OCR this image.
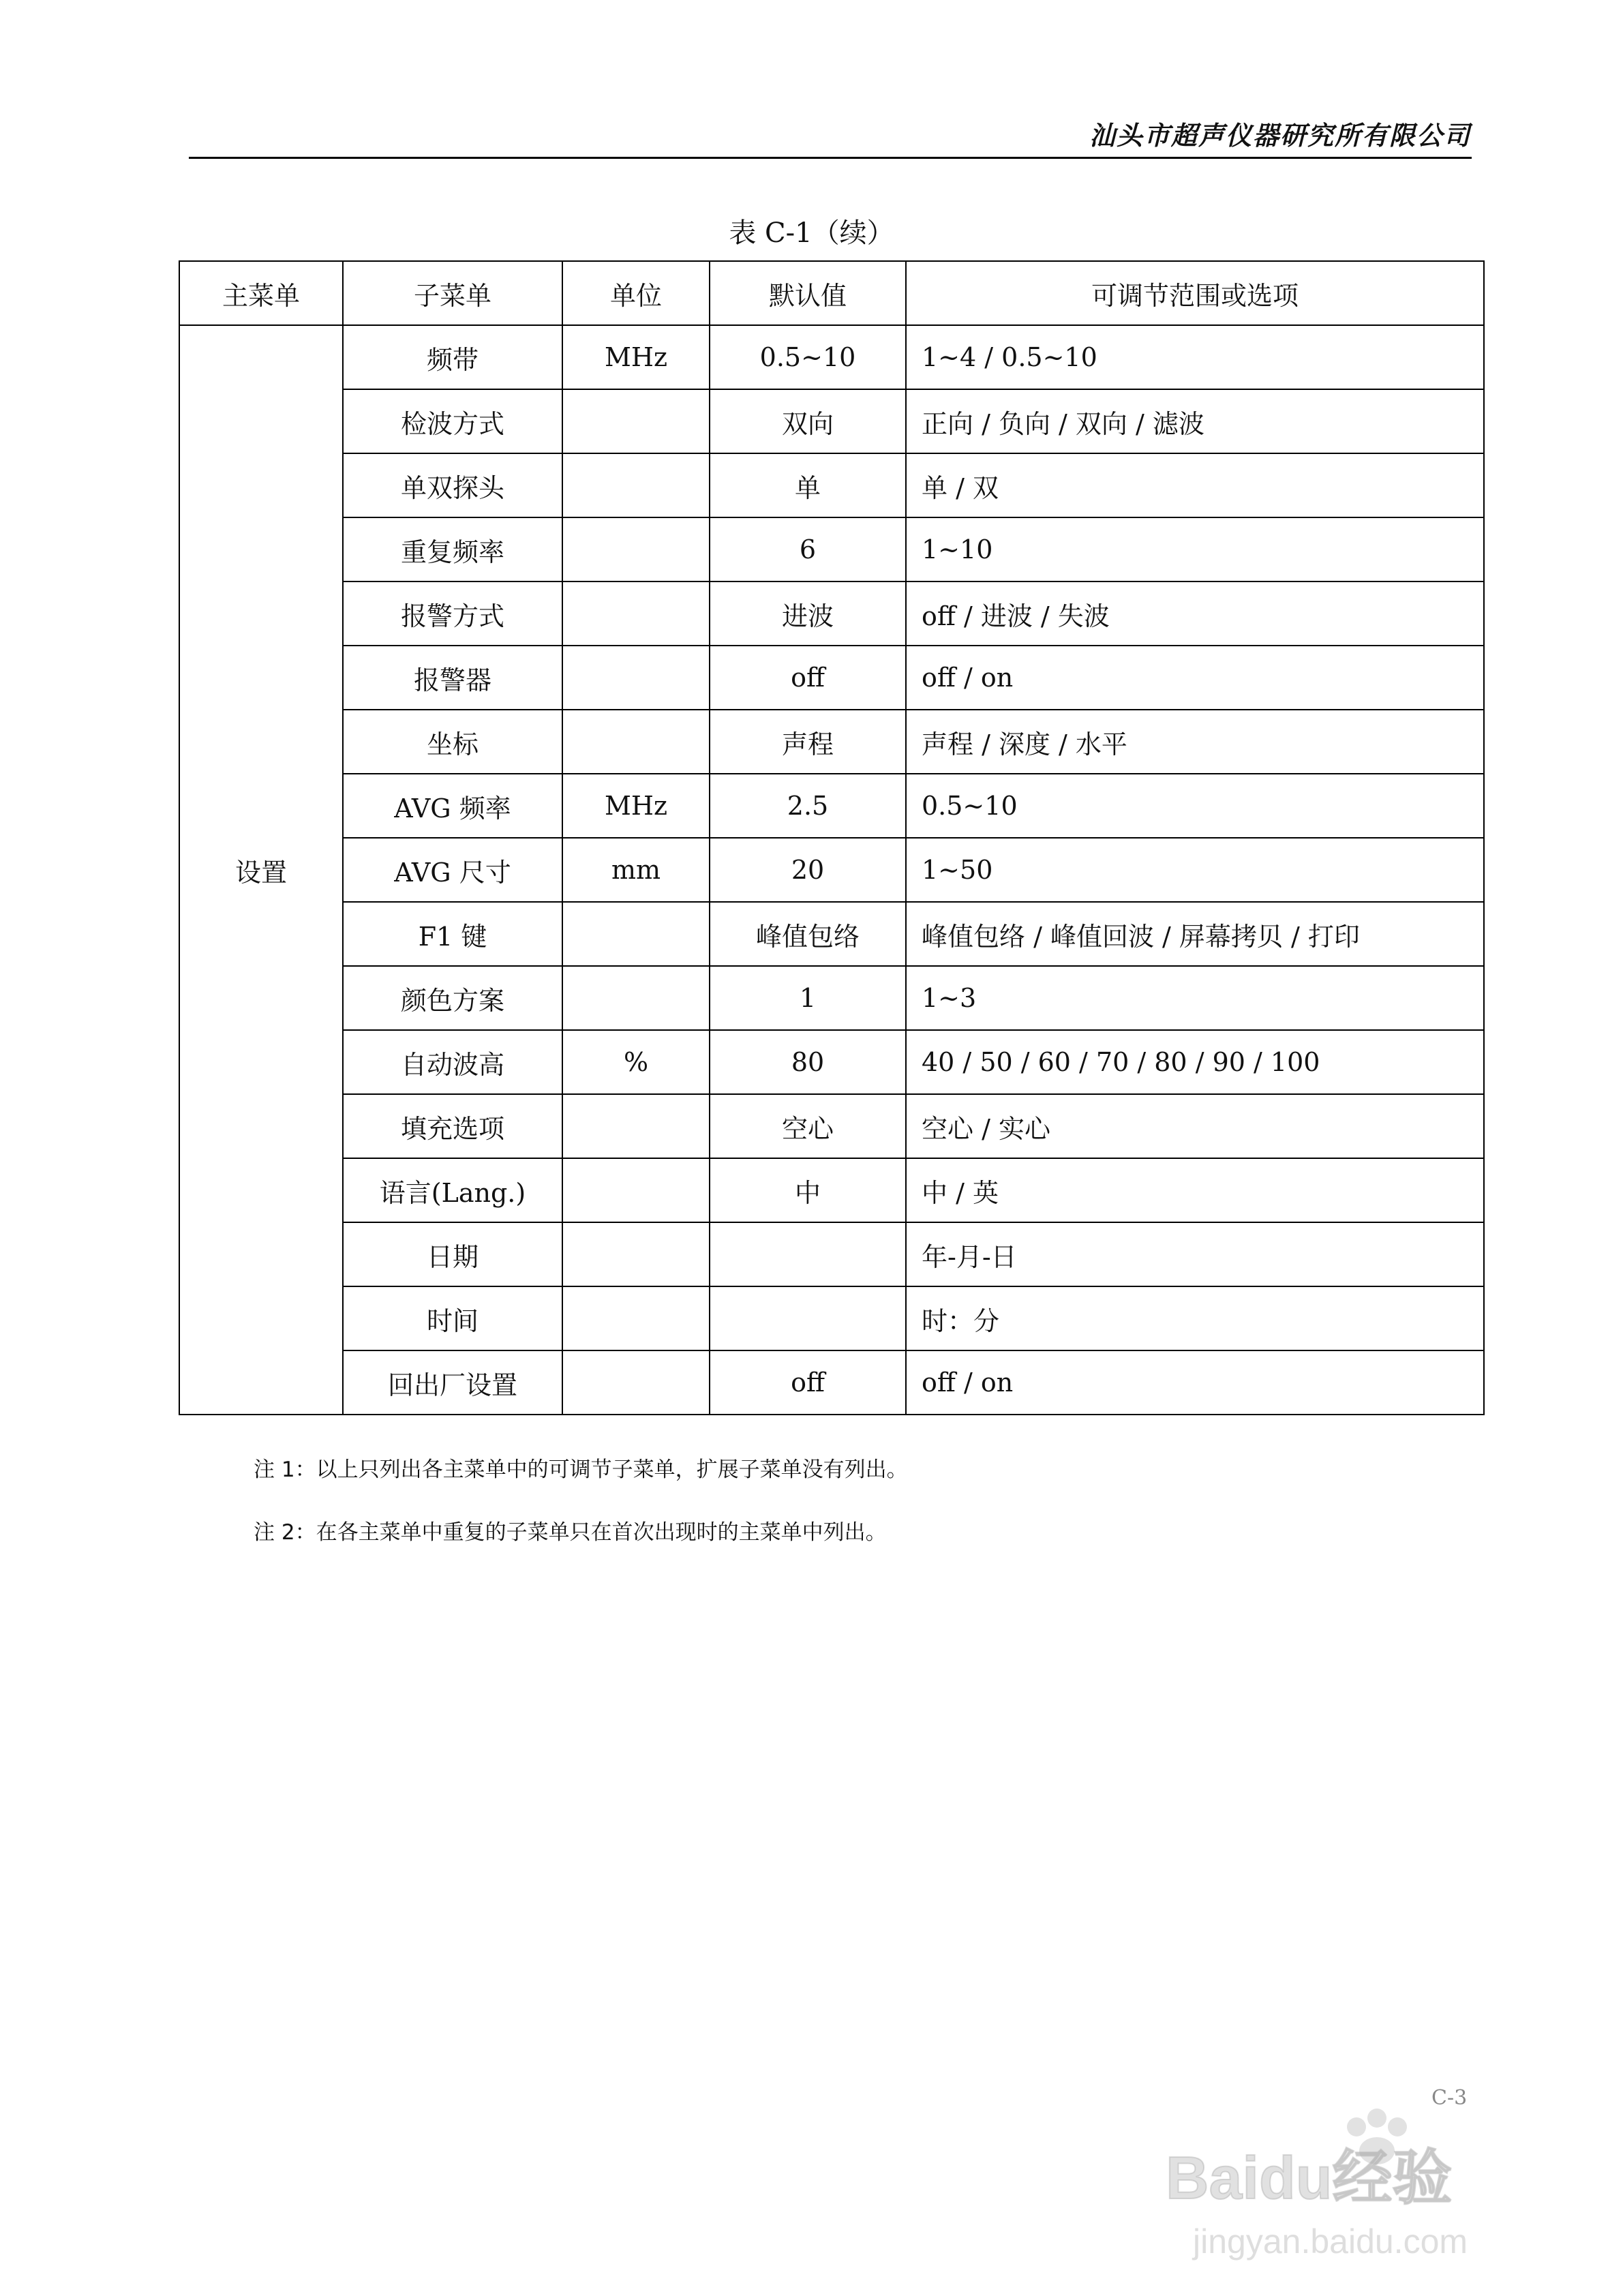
汕头市超声仪器研究所有限公司
表 C-1（续）
主菜单	子菜单	单位	默认值	可调节范围或选项
设置	频带	MHz	0.5~10	1~4 / 0.5~10
	检波方式		双向	正向 / 负向 / 双向 / 滤波
	单双探头		单	单 / 双
	重复频率		6	1~10
	报警方式		进波	off / 进波 / 失波
	报警器		off	off / on
	坐标		声程	声程 / 深度 / 水平
	AVG 频率	MHz	2.5	0.5~10
	AVG 尺寸	mm	20	1~50
	F1 键		峰值包络	峰值包络 / 峰值回波 / 屏幕拷贝 / 打印
	颜色方案		1	1~3
	自动波高	%	80	40 / 50 / 60 / 70 / 80 / 90 / 100
	填充选项		空心	空心 / 实心
	语言(Lang.)		中	中 / 英
	日期			年-月-日
	时间			时：分
	回出厂设置		off	off / on
注 1：以上只列出各主菜单中的可调节子菜单，扩展子菜单没有列出。
注 2：在各主菜单中重复的子菜单只在首次出现时的主菜单中列出。
C-3
Baidu经验
jingyan.baidu.com
